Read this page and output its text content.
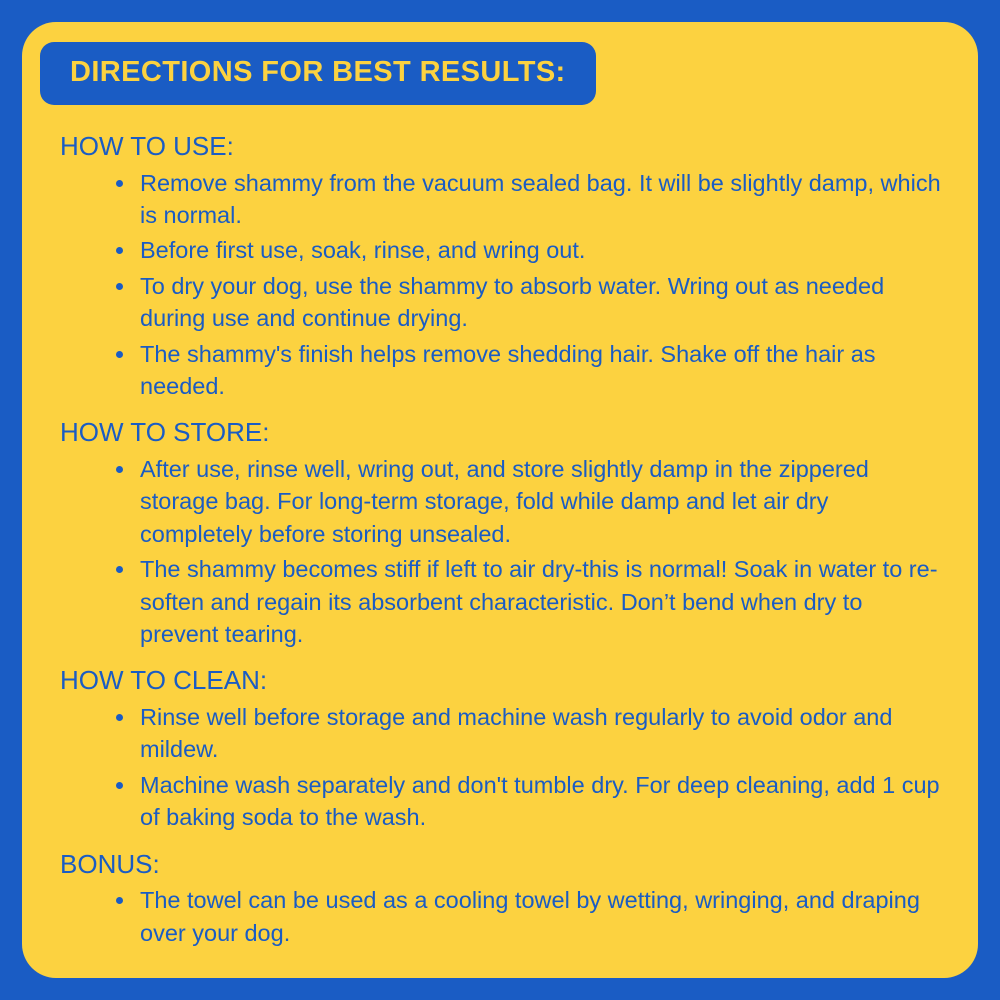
DIRECTIONS FOR BEST RESULTS:
HOW TO USE:
Remove shammy from the vacuum sealed bag. It will be slightly damp, which is normal.
Before first use, soak, rinse, and wring out.
To dry your dog, use the shammy to absorb water. Wring out as needed during use and continue drying.
The shammy's finish helps remove shedding hair. Shake off the hair as needed.
HOW TO STORE:
After use, rinse well, wring out, and store slightly damp in the zippered storage bag. For long-term storage, fold while damp and let air dry completely before storing unsealed.
The shammy becomes stiff if left to air dry-this is normal! Soak in water to re-soften and regain its absorbent characteristic. Don’t bend when dry to prevent tearing.
HOW TO CLEAN:
Rinse well before storage and machine wash regularly to avoid odor and mildew.
Machine wash separately and don't tumble dry. For deep cleaning, add 1 cup of baking soda to the wash.
BONUS:
The towel can be used as a cooling towel by wetting, wringing, and draping over your dog.
